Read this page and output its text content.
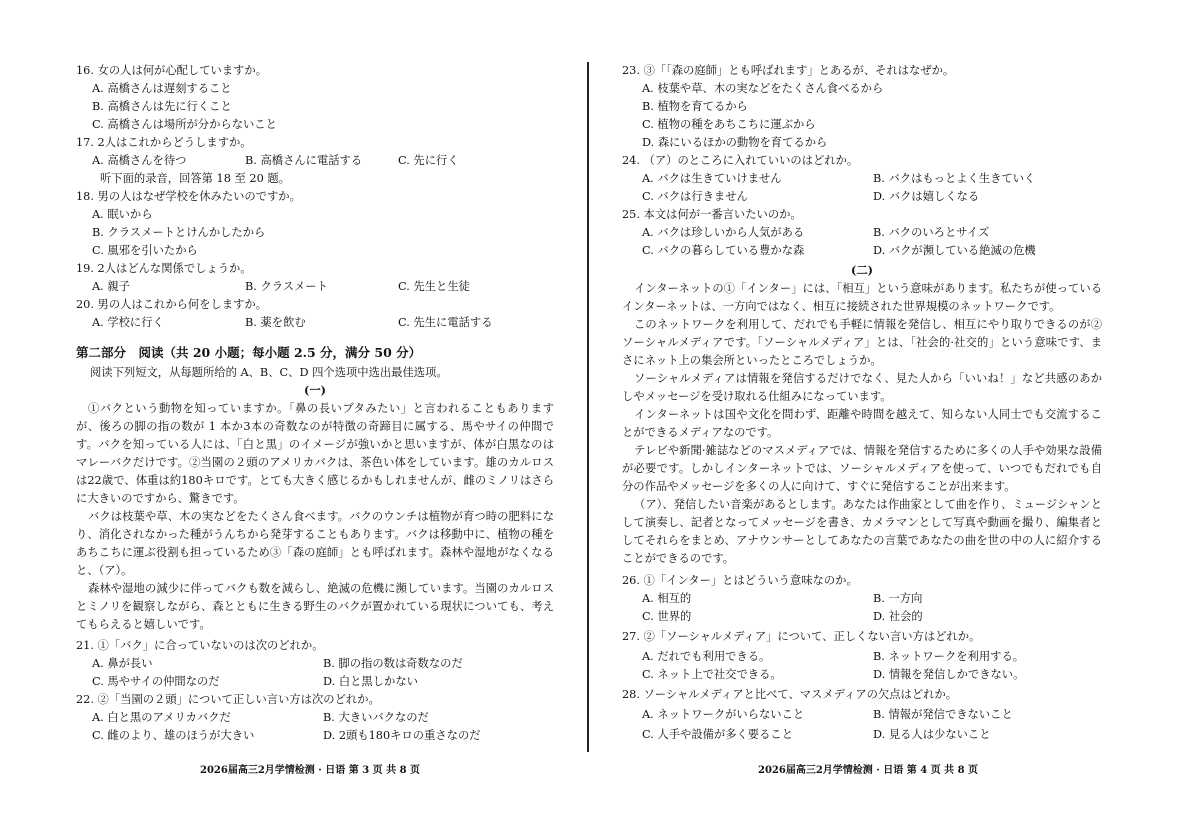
16. 女の人は何が心配していますか。
A. 高橋さんは遅刻すること
B. 高橋さんは先に行くこと
C. 高橋さんは場所が分からないこと
17. 2人はこれからどうしますか。
A. 高橋さんを待つ	B. 高橋さんに電話する	C. 先に行く
听下面的录音，回答第 18 至 20 题。
18. 男の人はなぜ学校を休みたいのですか。
A. 眠いから
B. クラスメートとけんかしたから
C. 風邪を引いたから
19. 2人はどんな関係でしょうか。
A. 親子	B. クラスメート	C. 先生と生徒
20. 男の人はこれから何をしますか。
A. 学校に行く	B. 薬を飲む	C. 先生に電話する
第二部分　阅读（共 20 小题；每小题 2.5 分，满分 50 分）
阅读下列短文，从每题所给的 A、B、C、D 四个选项中选出最佳选项。
(一)
①バクという動物を知っていますか。「鼻の長いブタみたい」と言われることもありますが、後ろの脚の指の数が 1 本か3本の奇数なのが特徴の奇蹄目に属する、馬やサイの仲間です。バクを知っている人には、「白と黒」のイメージが強いかと思いますが、体が白黒なのはマレーバクだけです。②当園の２頭のアメリカバクは、茶色い体をしています。雄のカルロスは22歳で、体重は約180キロです。とても大きく感じるかもしれませんが、雌のミノリはさらに大きいのですから、驚きです。
バクは枝葉や草、木の実などをたくさん食べます。バクのウンチは植物が育つ時の肥料になり、消化されなかった種がうんちから発芽することもあります。バクは移動中に、植物の種をあちこちに運ぶ役割も担っているため③「森の庭師」とも呼ばれます。森林や湿地がなくなると、（ア）。
森林や湿地の減少に伴ってバクも数を減らし、絶滅の危機に瀕しています。当園のカルロスとミノリを観察しながら、森とともに生きる野生のバクが置かれている現状についても、考えてもらえると嬉しいです。
21. ①「バク」に合っていないのは次のどれか。
A. 鼻が長い	B. 脚の指の数は奇数なのだ
C. 馬やサイの仲間なのだ	D. 白と黒しかない
22. ②「当園の２頭」について正しい言い方は次のどれか。
A. 白と黒のアメリカバクだ	B. 大きいバクなのだ
C. 雌のより、雄のほうが大きい	D. 2頭も180キロの重さなのだ
2026届高三2月学情检测 · 日语 第 3 页 共 8 页
23. ③「「森の庭師」とも呼ばれます」とあるが、それはなぜか。
A. 枝葉や草、木の実などをたくさん食べるから
B. 植物を育てるから
C. 植物の種をあちこちに運ぶから
D. 森にいるほかの動物を育てるから
24. （ア）のところに入れていいのはどれか。
A. バクは生きていけません	B. バクはもっとよく生きていく
C. バクは行きません	D. バクは嬉しくなる
25. 本文は何が一番言いたいのか。
A. バクは珍しいから人気がある	B. バクのいろとサイズ
C. バクの暮らしている豊かな森	D. バクが瀕している絶滅の危機
(二)
インターネットの①「インター」には、「相互」という意味があります。私たちが使っているインターネットは、一方向ではなく、相互に接続された世界規模のネットワークです。
このネットワークを利用して、だれでも手軽に情報を発信し、相互にやり取りできるのが②ソーシャルメディアです。「ソーシャルメディア」とは、「社会的·社交的」という意味です、まさにネット上の集会所といったところでしょうか。
ソーシャルメディアは情報を発信するだけでなく、見た人から「いいね！」など共感のあかしやメッセージを受け取れる仕組みになっています。
インターネットは国や文化を問わず、距離や時間を越えて、知らない人同士でも交流することができるメディアなのです。
テレビや新聞·雑誌などのマスメディアでは、情報を発信するために多くの人手や効果な設備が必要です。しかしインターネットでは、ソーシャルメディアを使って、いつでもだれでも自分の作品やメッセージを多くの人に向けて、すぐに発信することが出来ます。
（ア）、発信したい音楽があるとします。あなたは作曲家として曲を作り、ミュージシャンとして演奏し、記者となってメッセージを書き、カメラマンとして写真や動画を撮り、編集者としてそれらをまとめ、アナウンサーとしてあなたの言葉であなたの曲を世の中の人に紹介することができるのです。
26. ①「インター」とはどういう意味なのか。
A. 相互的	B. 一方向
C. 世界的	D. 社会的
27. ②「ソーシャルメディア」について、正しくない言い方はどれか。
A. だれでも利用できる。	B. ネットワークを利用する。
C. ネット上で社交できる。	D. 情報を発信しかできない。
28. ソーシャルメディアと比べて、マスメディアの欠点はどれか。
A. ネットワークがいらないこと	B. 情報が発信できないこと
C. 人手や設備が多く要ること	D. 見る人は少ないこと
2026届高三2月学情检测 · 日语 第 4 页 共 8 页
